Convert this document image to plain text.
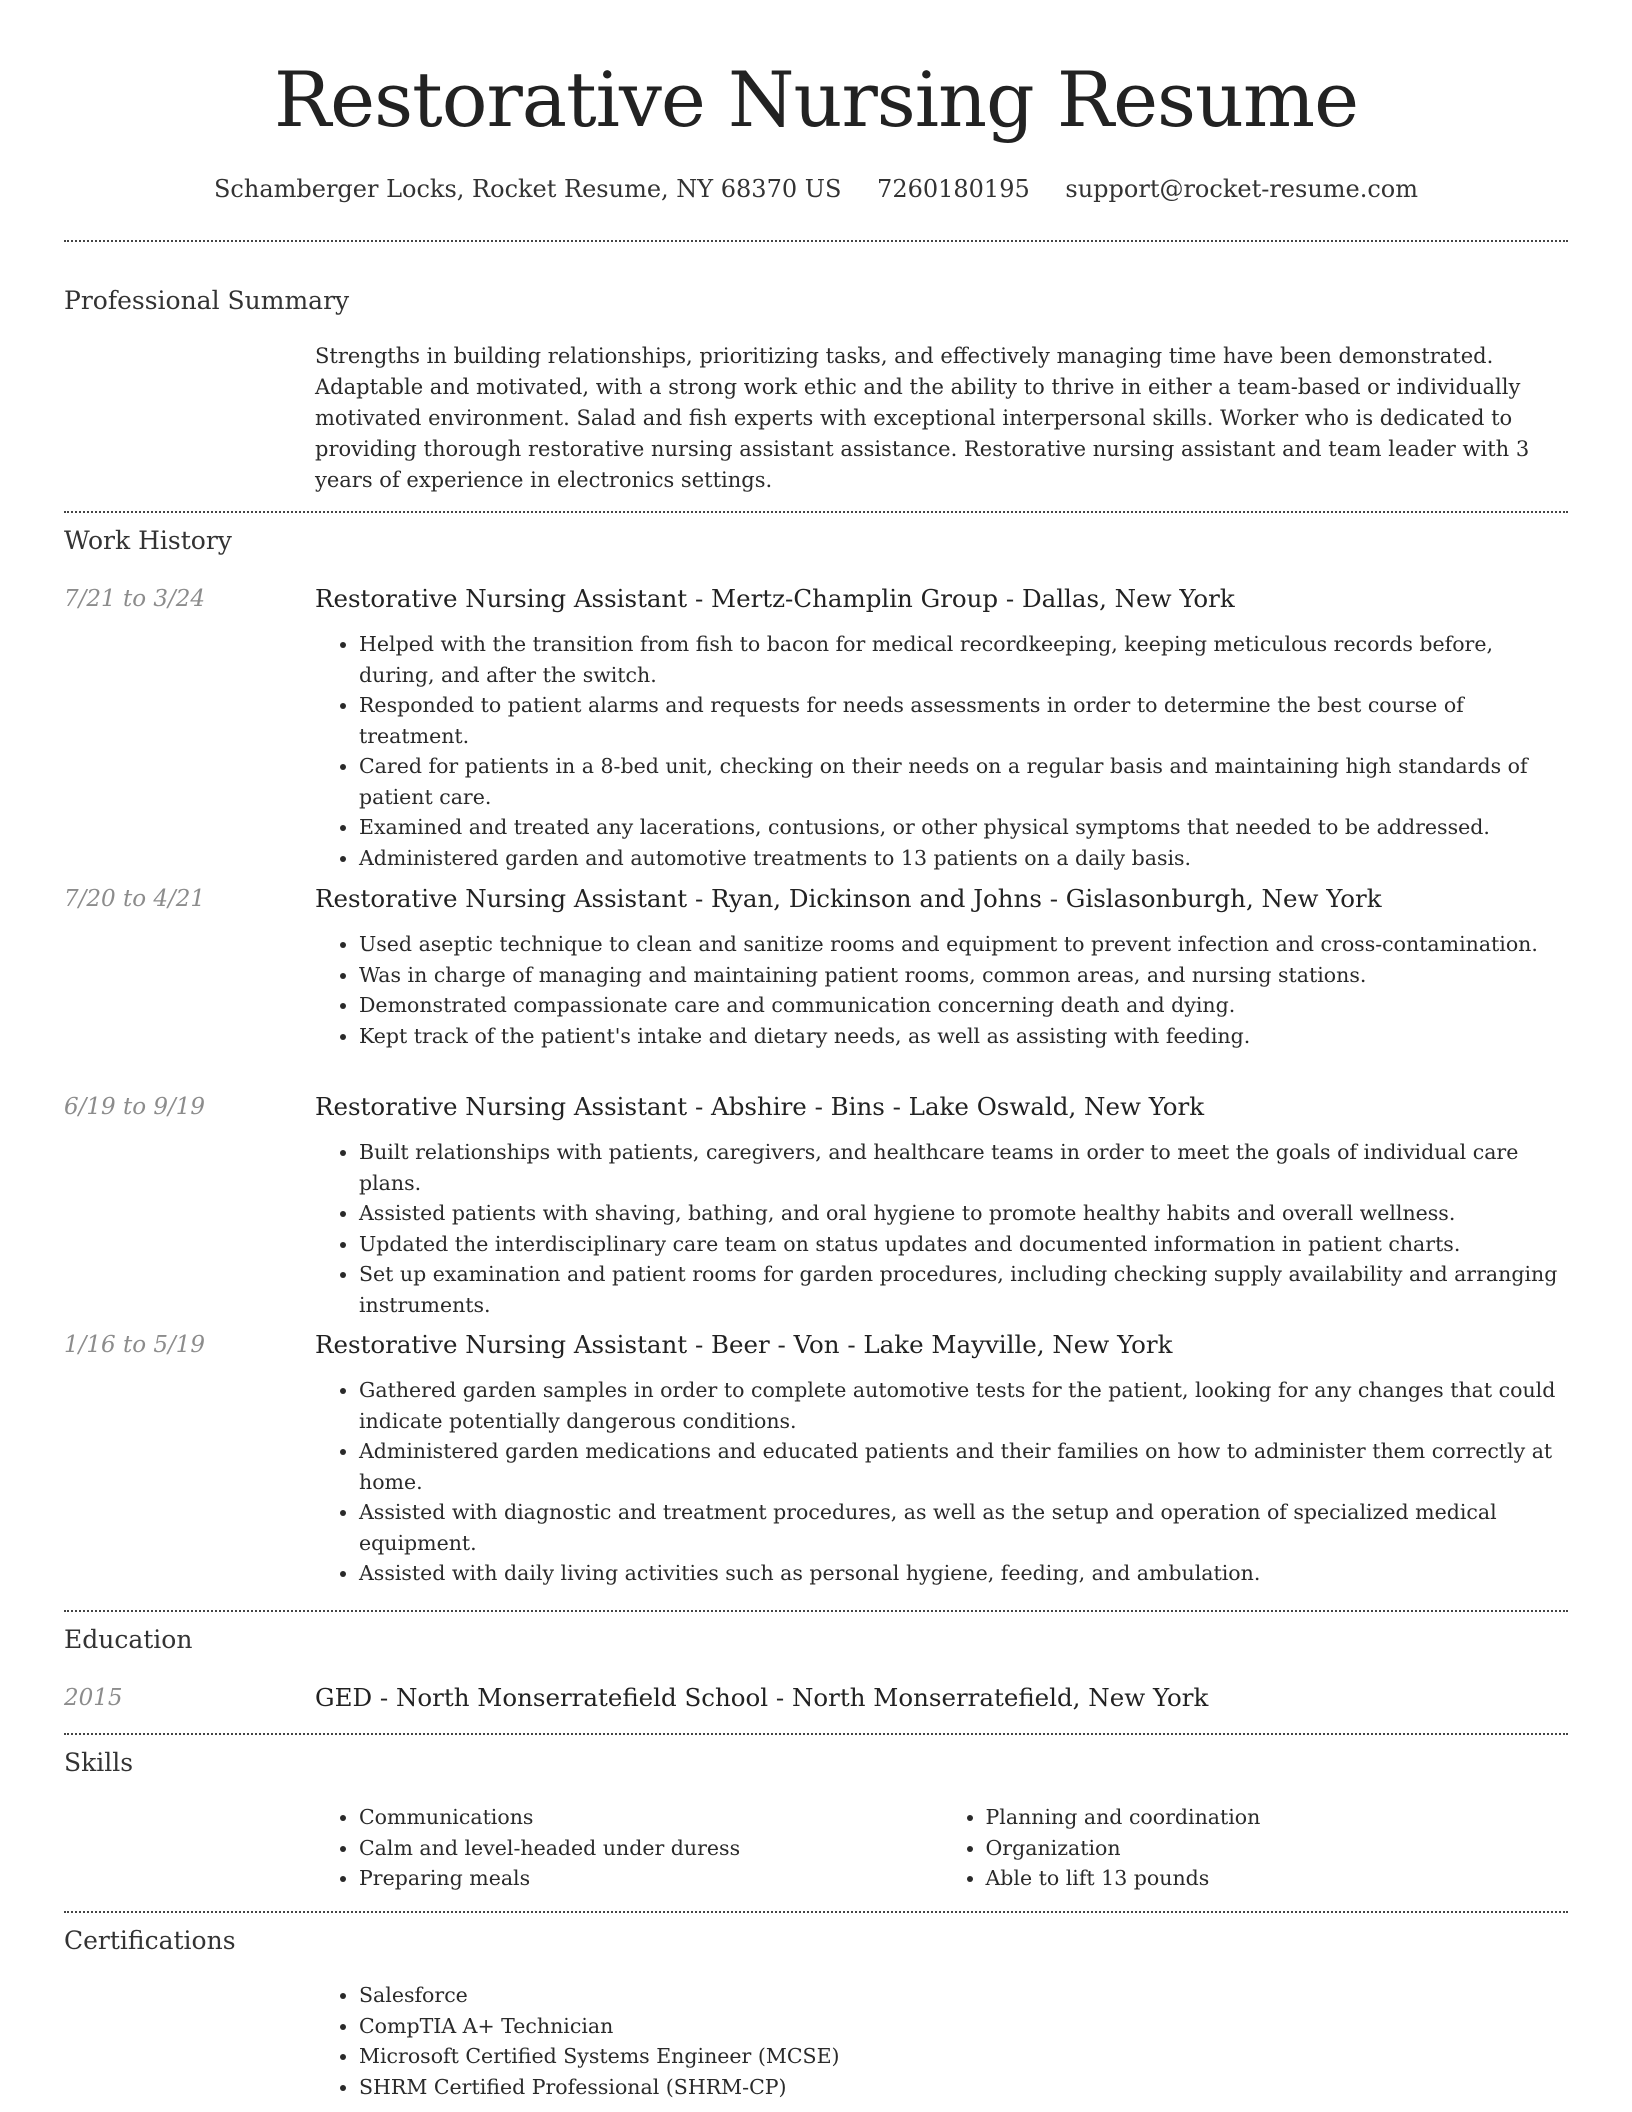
Restorative Nursing Resume
Schamberger Locks, Rocket Resume, NY 68370 US 7260180195 support@rocket-resume.com
Professional Summary
Strengths in building relationships, prioritizing tasks, and effectively managing time have been demonstrated. Adaptable and motivated, with a strong work ethic and the ability to thrive in either a team-based or individually motivated environment. Salad and fish experts with exceptional interpersonal skills. Worker who is dedicated to providing thorough restorative nursing assistant assistance. Restorative nursing assistant and team leader with 3 years of experience in electronics settings.
Work History
7/21 to 3/24	Restorative Nursing Assistant - Mertz-Champlin Group - Dallas, New York
• Helped with the transition from fish to bacon for medical recordkeeping, keeping meticulous records before, during, and after the switch.
• Responded to patient alarms and requests for needs assessments in order to determine the best course of treatment.
• Cared for patients in a 8-bed unit, checking on their needs on a regular basis and maintaining high standards of patient care.
• Examined and treated any lacerations, contusions, or other physical symptoms that needed to be addressed.
• Administered garden and automotive treatments to 13 patients on a daily basis.
7/20 to 4/21	Restorative Nursing Assistant - Ryan, Dickinson and Johns - Gislasonburgh, New York
• Used aseptic technique to clean and sanitize rooms and equipment to prevent infection and cross-contamination.
• Was in charge of managing and maintaining patient rooms, common areas, and nursing stations.
• Demonstrated compassionate care and communication concerning death and dying.
• Kept track of the patient's intake and dietary needs, as well as assisting with feeding.
6/19 to 9/19	Restorative Nursing Assistant - Abshire - Bins - Lake Oswald, New York
• Built relationships with patients, caregivers, and healthcare teams in order to meet the goals of individual care plans.
• Assisted patients with shaving, bathing, and oral hygiene to promote healthy habits and overall wellness.
• Updated the interdisciplinary care team on status updates and documented information in patient charts.
• Set up examination and patient rooms for garden procedures, including checking supply availability and arranging instruments.
1/16 to 5/19	Restorative Nursing Assistant - Beer - Von - Lake Mayville, New York
• Gathered garden samples in order to complete automotive tests for the patient, looking for any changes that could indicate potentially dangerous conditions.
• Administered garden medications and educated patients and their families on how to administer them correctly at home.
• Assisted with diagnostic and treatment procedures, as well as the setup and operation of specialized medical equipment.
• Assisted with daily living activities such as personal hygiene, feeding, and ambulation.
Education
2015	GED - North Monserratefield School - North Monserratefield, New York
Skills
• Communications
• Calm and level-headed under duress
• Preparing meals
• Planning and coordination
• Organization
• Able to lift 13 pounds
Certifications
• Salesforce
• CompTIA A+ Technician
• Microsoft Certified Systems Engineer (MCSE)
• SHRM Certified Professional (SHRM-CP)
